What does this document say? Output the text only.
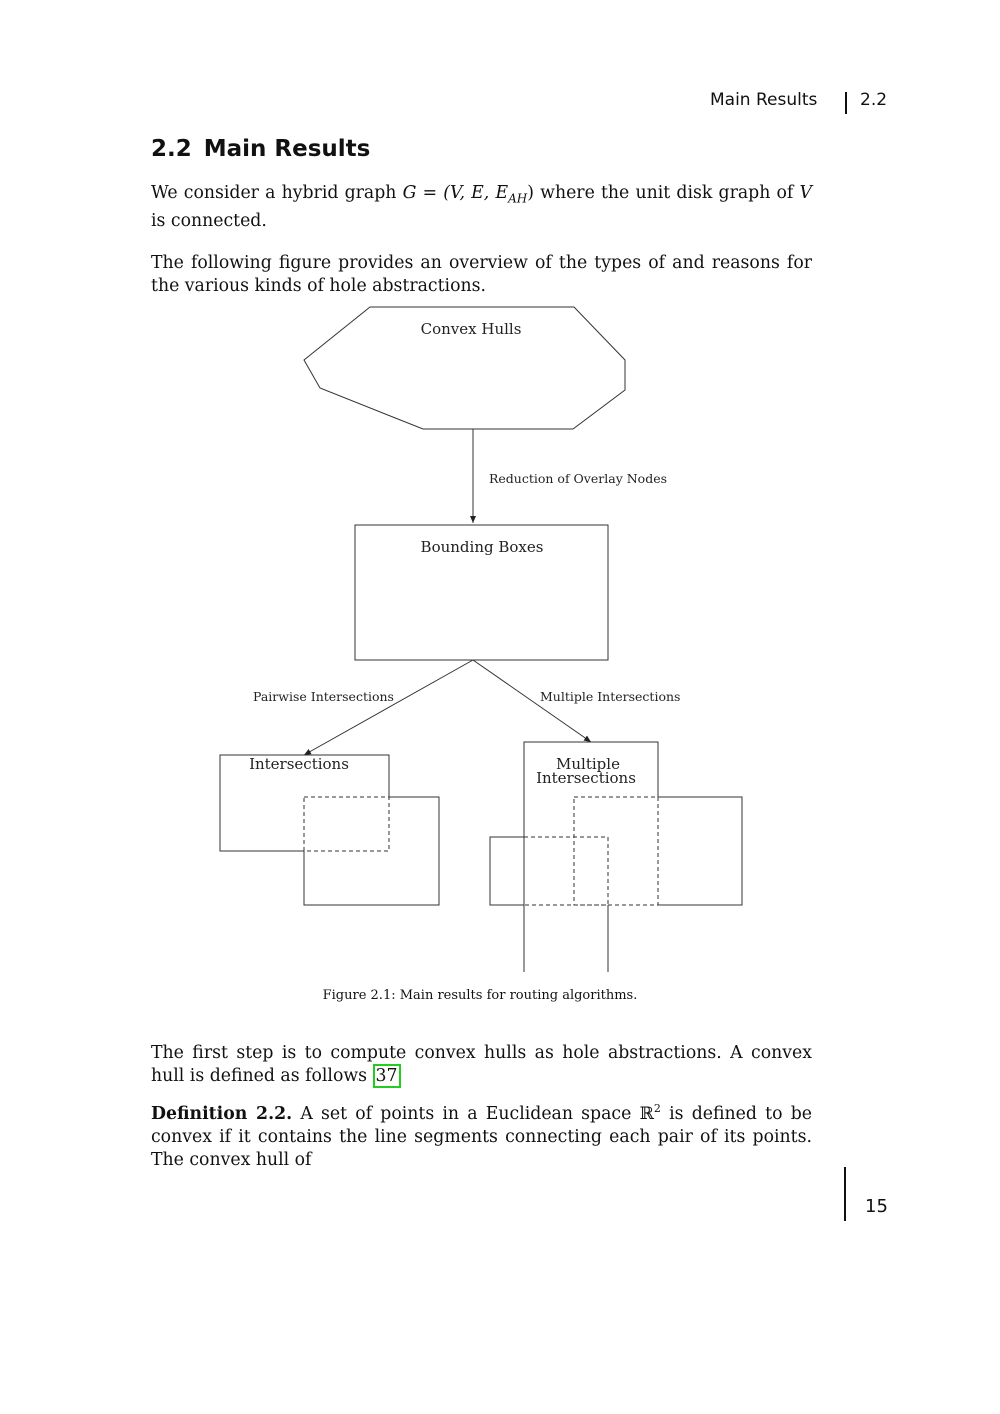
Main Results	2.2
2.2 Main Results
We consider a hybrid graph G = (V, E, $E_{AH}$) where the unit disk graph of V is connected.
The following figure provides an overview of the types of and reasons for the various kinds of hole abstractions.
Convex Hulls
Reduction of Overlay Nodes
Bounding Boxes
Pairwise Intersections	Multiple Intersections
Intersections	Multiple
Intersections
Figure 2.1: Main results for routing algorithms.
The first step is to compute convex hulls as hole abstractions. A convex hull is defined as follows 37
Definition 2.2. A set of points in a Euclidean space ℝ$^2$ is defined to be convex if it contains the line segments connecting each pair of its points. The convex hull of
15
